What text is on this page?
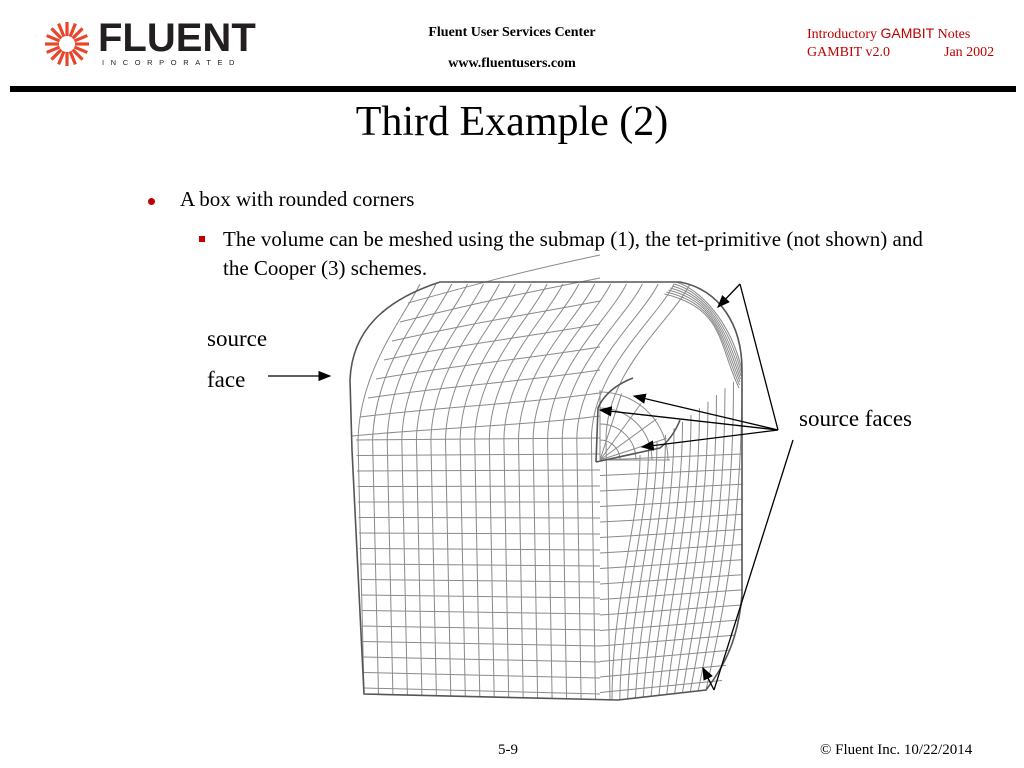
FLUENT
INCORPORATED
Fluent User Services Center
www.fluentusers.com
Introductory GAMBIT Notes
GAMBIT v2.0	Jan 2002
Third Example (2)
A box with rounded corners
The volume can be meshed using the submap (1), the tet-primitive (not shown) and the Cooper (3) schemes.
source
face
source faces
5-9	© Fluent Inc. 10/22/2014
